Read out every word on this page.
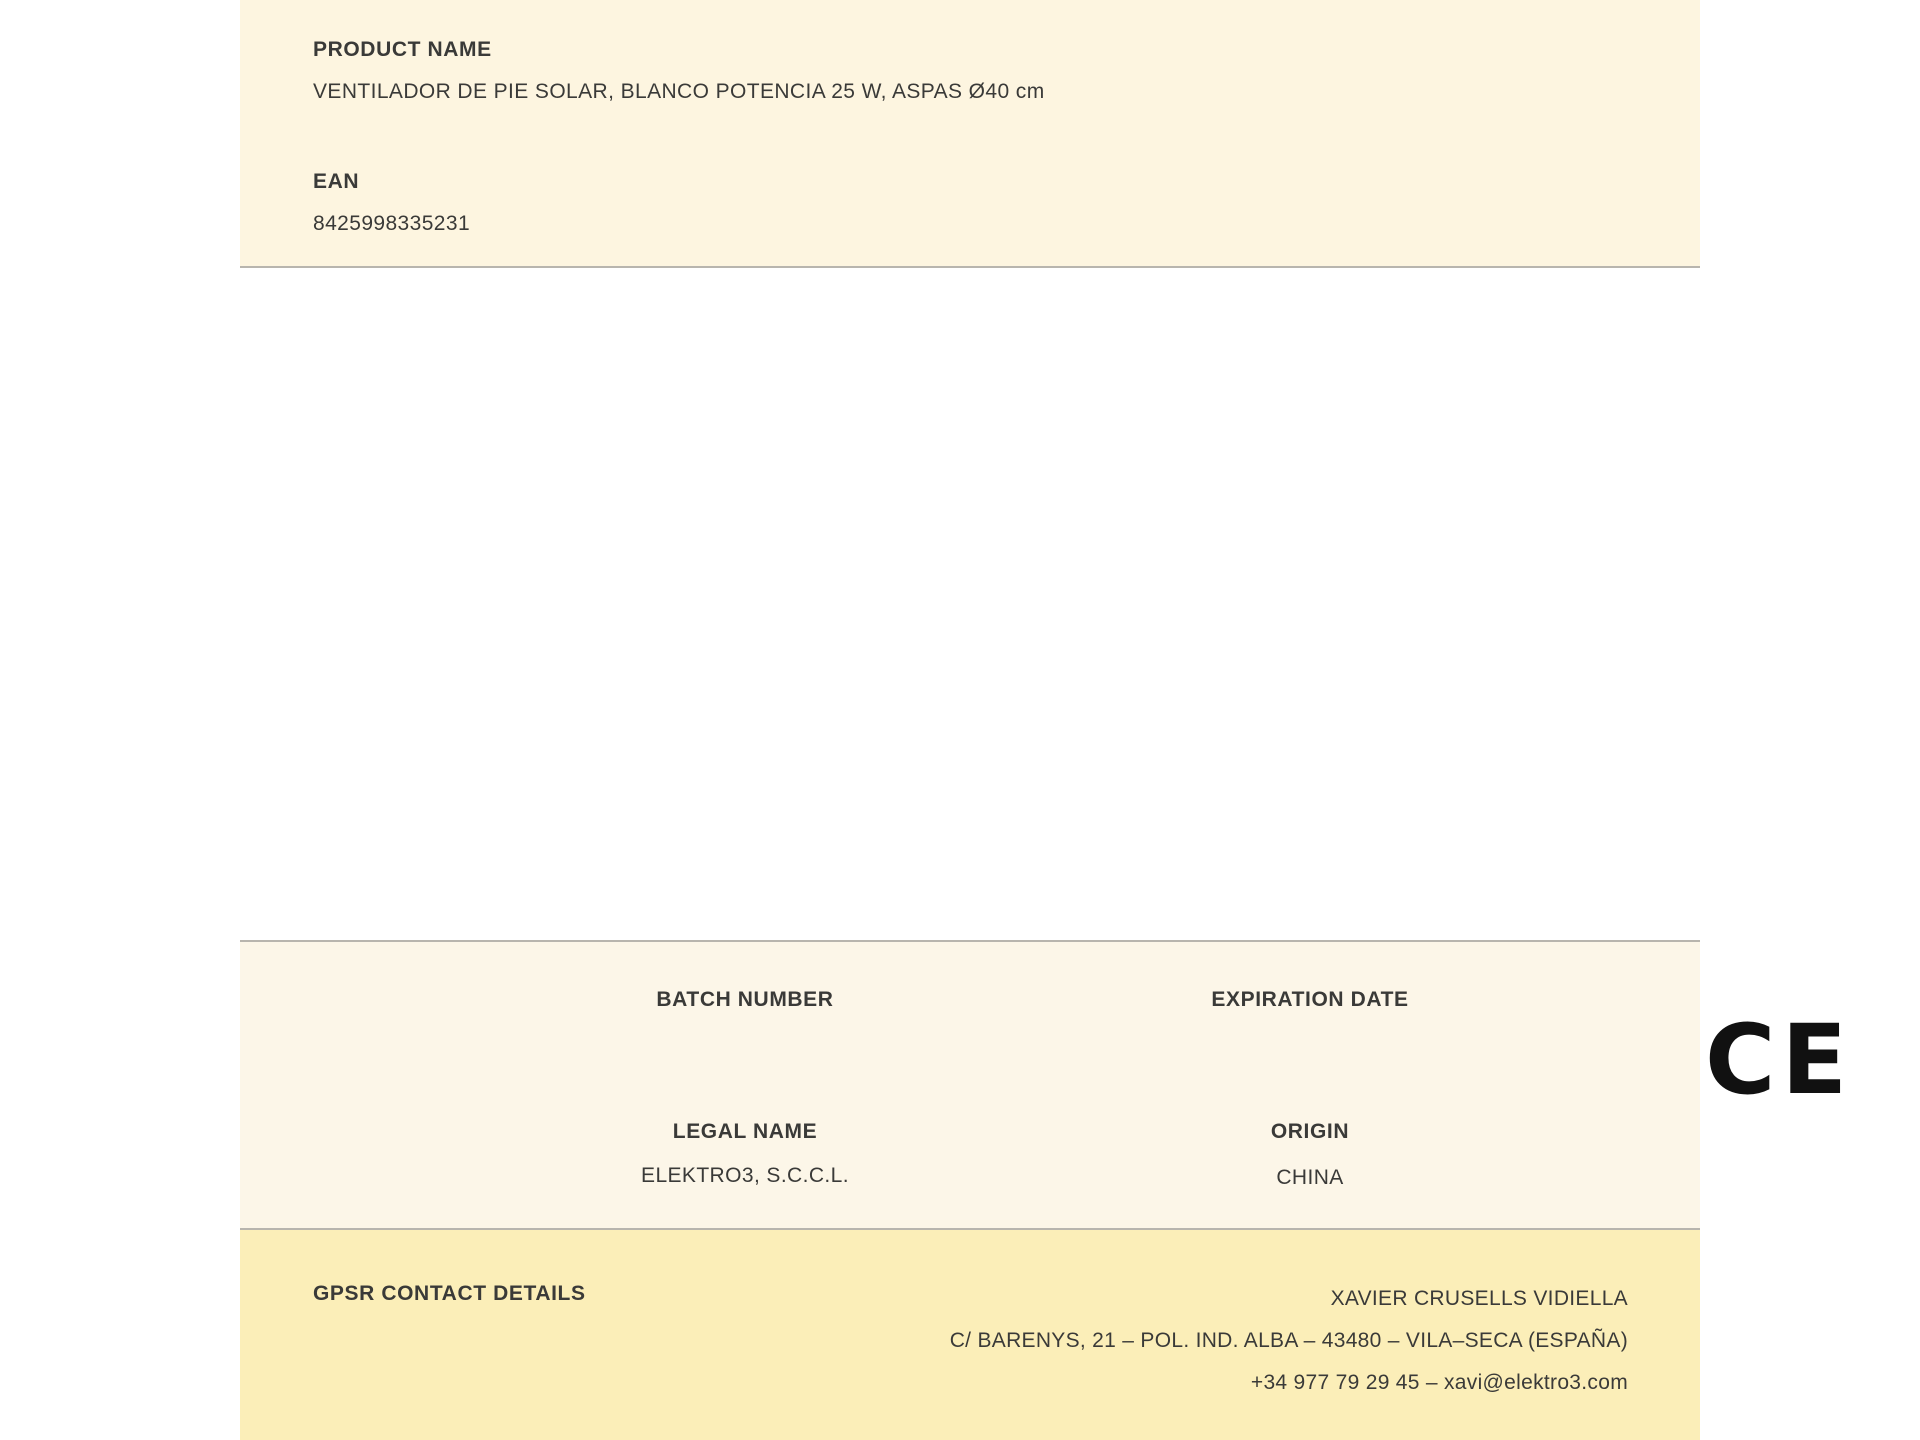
PRODUCT NAME
VENTILADOR DE PIE SOLAR, BLANCO POTENCIA 25 W, ASPAS Ø40 cm
EAN
8425998335231
BATCH NUMBER	EXPIRATION DATE
LEGAL NAME
ELEKTRO3, S.C.C.L.
ORIGIN
CHINA
CE
GPSR CONTACT DETAILS	XAVIER CRUSELLS VIDIELLA
C/ BARENYS, 21 – POL. IND. ALBA – 43480 – VILA–SECA (ESPAÑA)
+34 977 79 29 45 – xavi@elektro3.com
